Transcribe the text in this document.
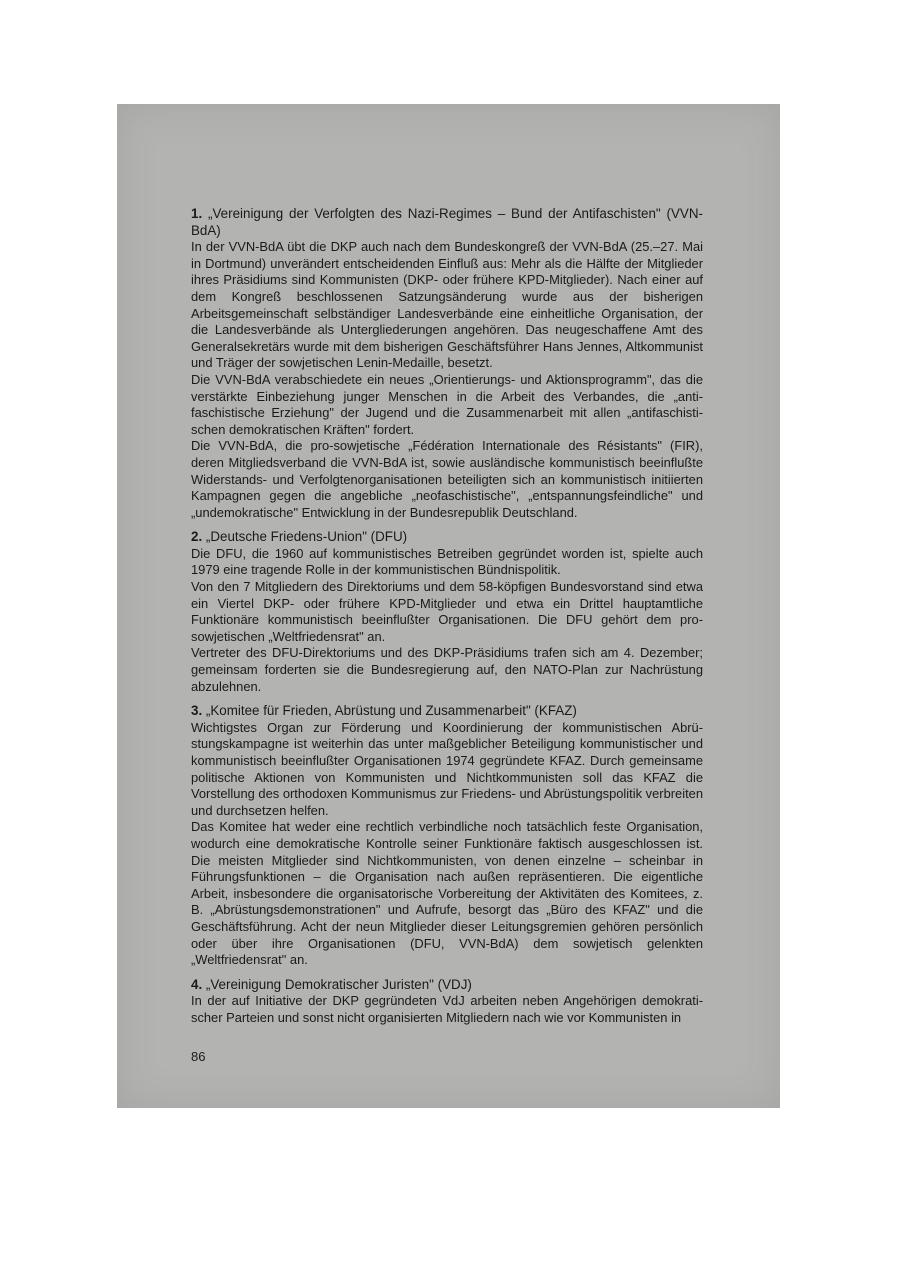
1. „Vereinigung der Verfolgten des Nazi-Regimes – Bund der Antifaschisten" (VVN-BdA)

In der VVN-BdA übt die DKP auch nach dem Bundeskongreß der VVN-BdA (25.–27. Mai in Dortmund) unverändert entscheidenden Einfluß aus: Mehr als die Hälfte der Mitglieder ihres Präsidiums sind Kommunisten (DKP- oder frühere KPD-Mitglieder). Nach einer auf dem Kongreß beschlossenen Satzungsänderung wurde aus der bisherigen Arbeitsgemeinschaft selbständiger Landesverbände eine einheitliche Organisation, der die Landesverbände als Untergliederungen angehören. Das neugeschaffene Amt des Generalsekretärs wurde mit dem bisherigen Geschäftsführer Hans Jennes, Altkommunist und Träger der sowjetischen Lenin-Medaille, besetzt.

Die VVN-BdA verabschiedete ein neues „Orientierungs- und Aktionsprogramm", das die verstärkte Einbeziehung junger Menschen in die Arbeit des Verbandes, die „antifaschistische Erziehung" der Jugend und die Zusammenarbeit mit allen „antifaschistischen demokratischen Kräften" fordert.

Die VVN-BdA, die pro-sowjetische „Fédération Internationale des Résistants" (FIR), deren Mitgliedsverband die VVN-BdA ist, sowie ausländische kommunistisch beeinflußte Widerstands- und Verfolgtenorganisationen beteiligten sich an kommunistisch initiierten Kampagnen gegen die angebliche „neofaschistische", „entspannungsfeindliche" und „undemokratische" Entwicklung in der Bundesrepublik Deutschland.

2. „Deutsche Friedens-Union" (DFU)

Die DFU, die 1960 auf kommunistisches Betreiben gegründet worden ist, spielte auch 1979 eine tragende Rolle in der kommunistischen Bündnispolitik.

Von den 7 Mitgliedern des Direktoriums und dem 58-köpfigen Bundesvorstand sind etwa ein Viertel DKP- oder frühere KPD-Mitglieder und etwa ein Drittel hauptamtliche Funktionäre kommunistisch beeinflußter Organisationen. Die DFU gehört dem prosowjetischen „Weltfriedensrat" an.

Vertreter des DFU-Direktoriums und des DKP-Präsidiums trafen sich am 4. Dezember; gemeinsam forderten sie die Bundesregierung auf, den NATO-Plan zur Nachrüstung abzulehnen.

3. „Komitee für Frieden, Abrüstung und Zusammenarbeit" (KFAZ)

Wichtigstes Organ zur Förderung und Koordinierung der kommunistischen Abrüstungskampagne ist weiterhin das unter maßgeblicher Beteiligung kommunistischer und kommunistisch beeinflußter Organisationen 1974 gegründete KFAZ. Durch gemeinsame politische Aktionen von Kommunisten und Nichtkommunisten soll das KFAZ die Vorstellung des orthodoxen Kommunismus zur Friedens- und Abrüstungspolitik verbreiten und durchsetzen helfen.

Das Komitee hat weder eine rechtlich verbindliche noch tatsächlich feste Organisation, wodurch eine demokratische Kontrolle seiner Funktionäre faktisch ausgeschlossen ist. Die meisten Mitglieder sind Nichtkommunisten, von denen einzelne – scheinbar in Führungsfunktionen – die Organisation nach außen repräsentieren. Die eigentliche Arbeit, insbesondere die organisatorische Vorbereitung der Aktivitäten des Komitees, z. B. „Abrüstungsdemonstrationen" und Aufrufe, besorgt das „Büro des KFAZ" und die Geschäftsführung. Acht der neun Mitglieder dieser Leitungsgremien gehören persönlich oder über ihre Organisationen (DFU, VVN-BdA) dem sowjetisch gelenkten „Weltfriedensrat" an.

4. „Vereinigung Demokratischer Juristen" (VDJ)

In der auf Initiative der DKP gegründeten VdJ arbeiten neben Angehörigen demokratischer Parteien und sonst nicht organisierten Mitgliedern nach wie vor Kommunisten in

86
